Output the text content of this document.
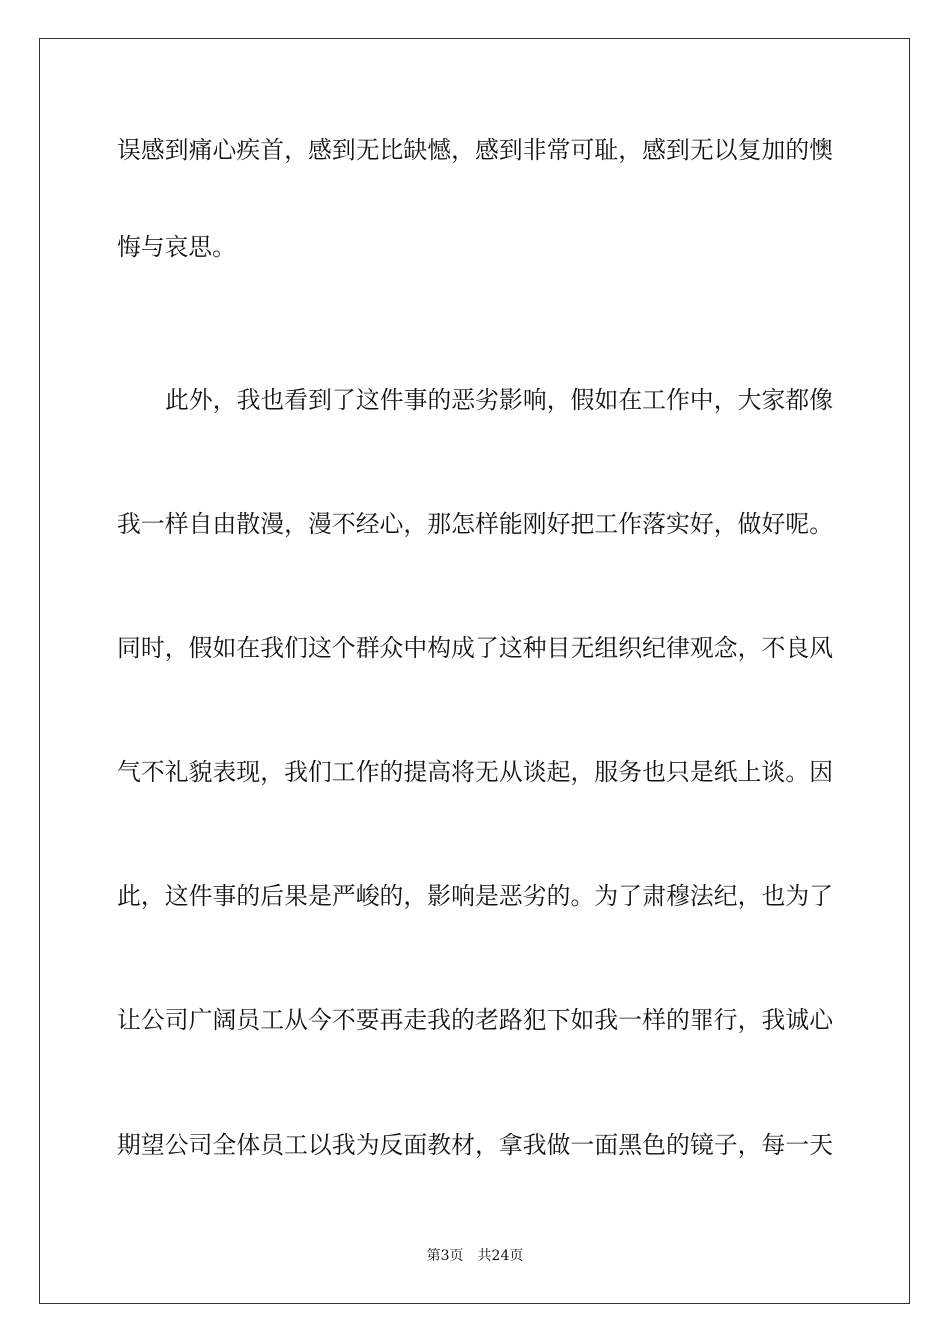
误感到痛心疾首，感到无比缺憾，感到非常可耻，感到无以复加的懊
悔与哀思。
此外，我也看到了这件事的恶劣影响，假如在工作中，大家都像
我一样自由散漫，漫不经心，那怎样能刚好把工作落实好，做好呢。
同时，假如在我们这个群众中构成了这种目无组织纪律观念，不良风
气不礼貌表现，我们工作的提高将无从谈起，服务也只是纸上谈。因
此，这件事的后果是严峻的，影响是恶劣的。为了肃穆法纪，也为了
让公司广阔员工从今不要再走我的老路犯下如我一样的罪行，我诚心
期望公司全体员工以我为反面教材，拿我做一面黑色的镜子，每一天
第3页 共24页
